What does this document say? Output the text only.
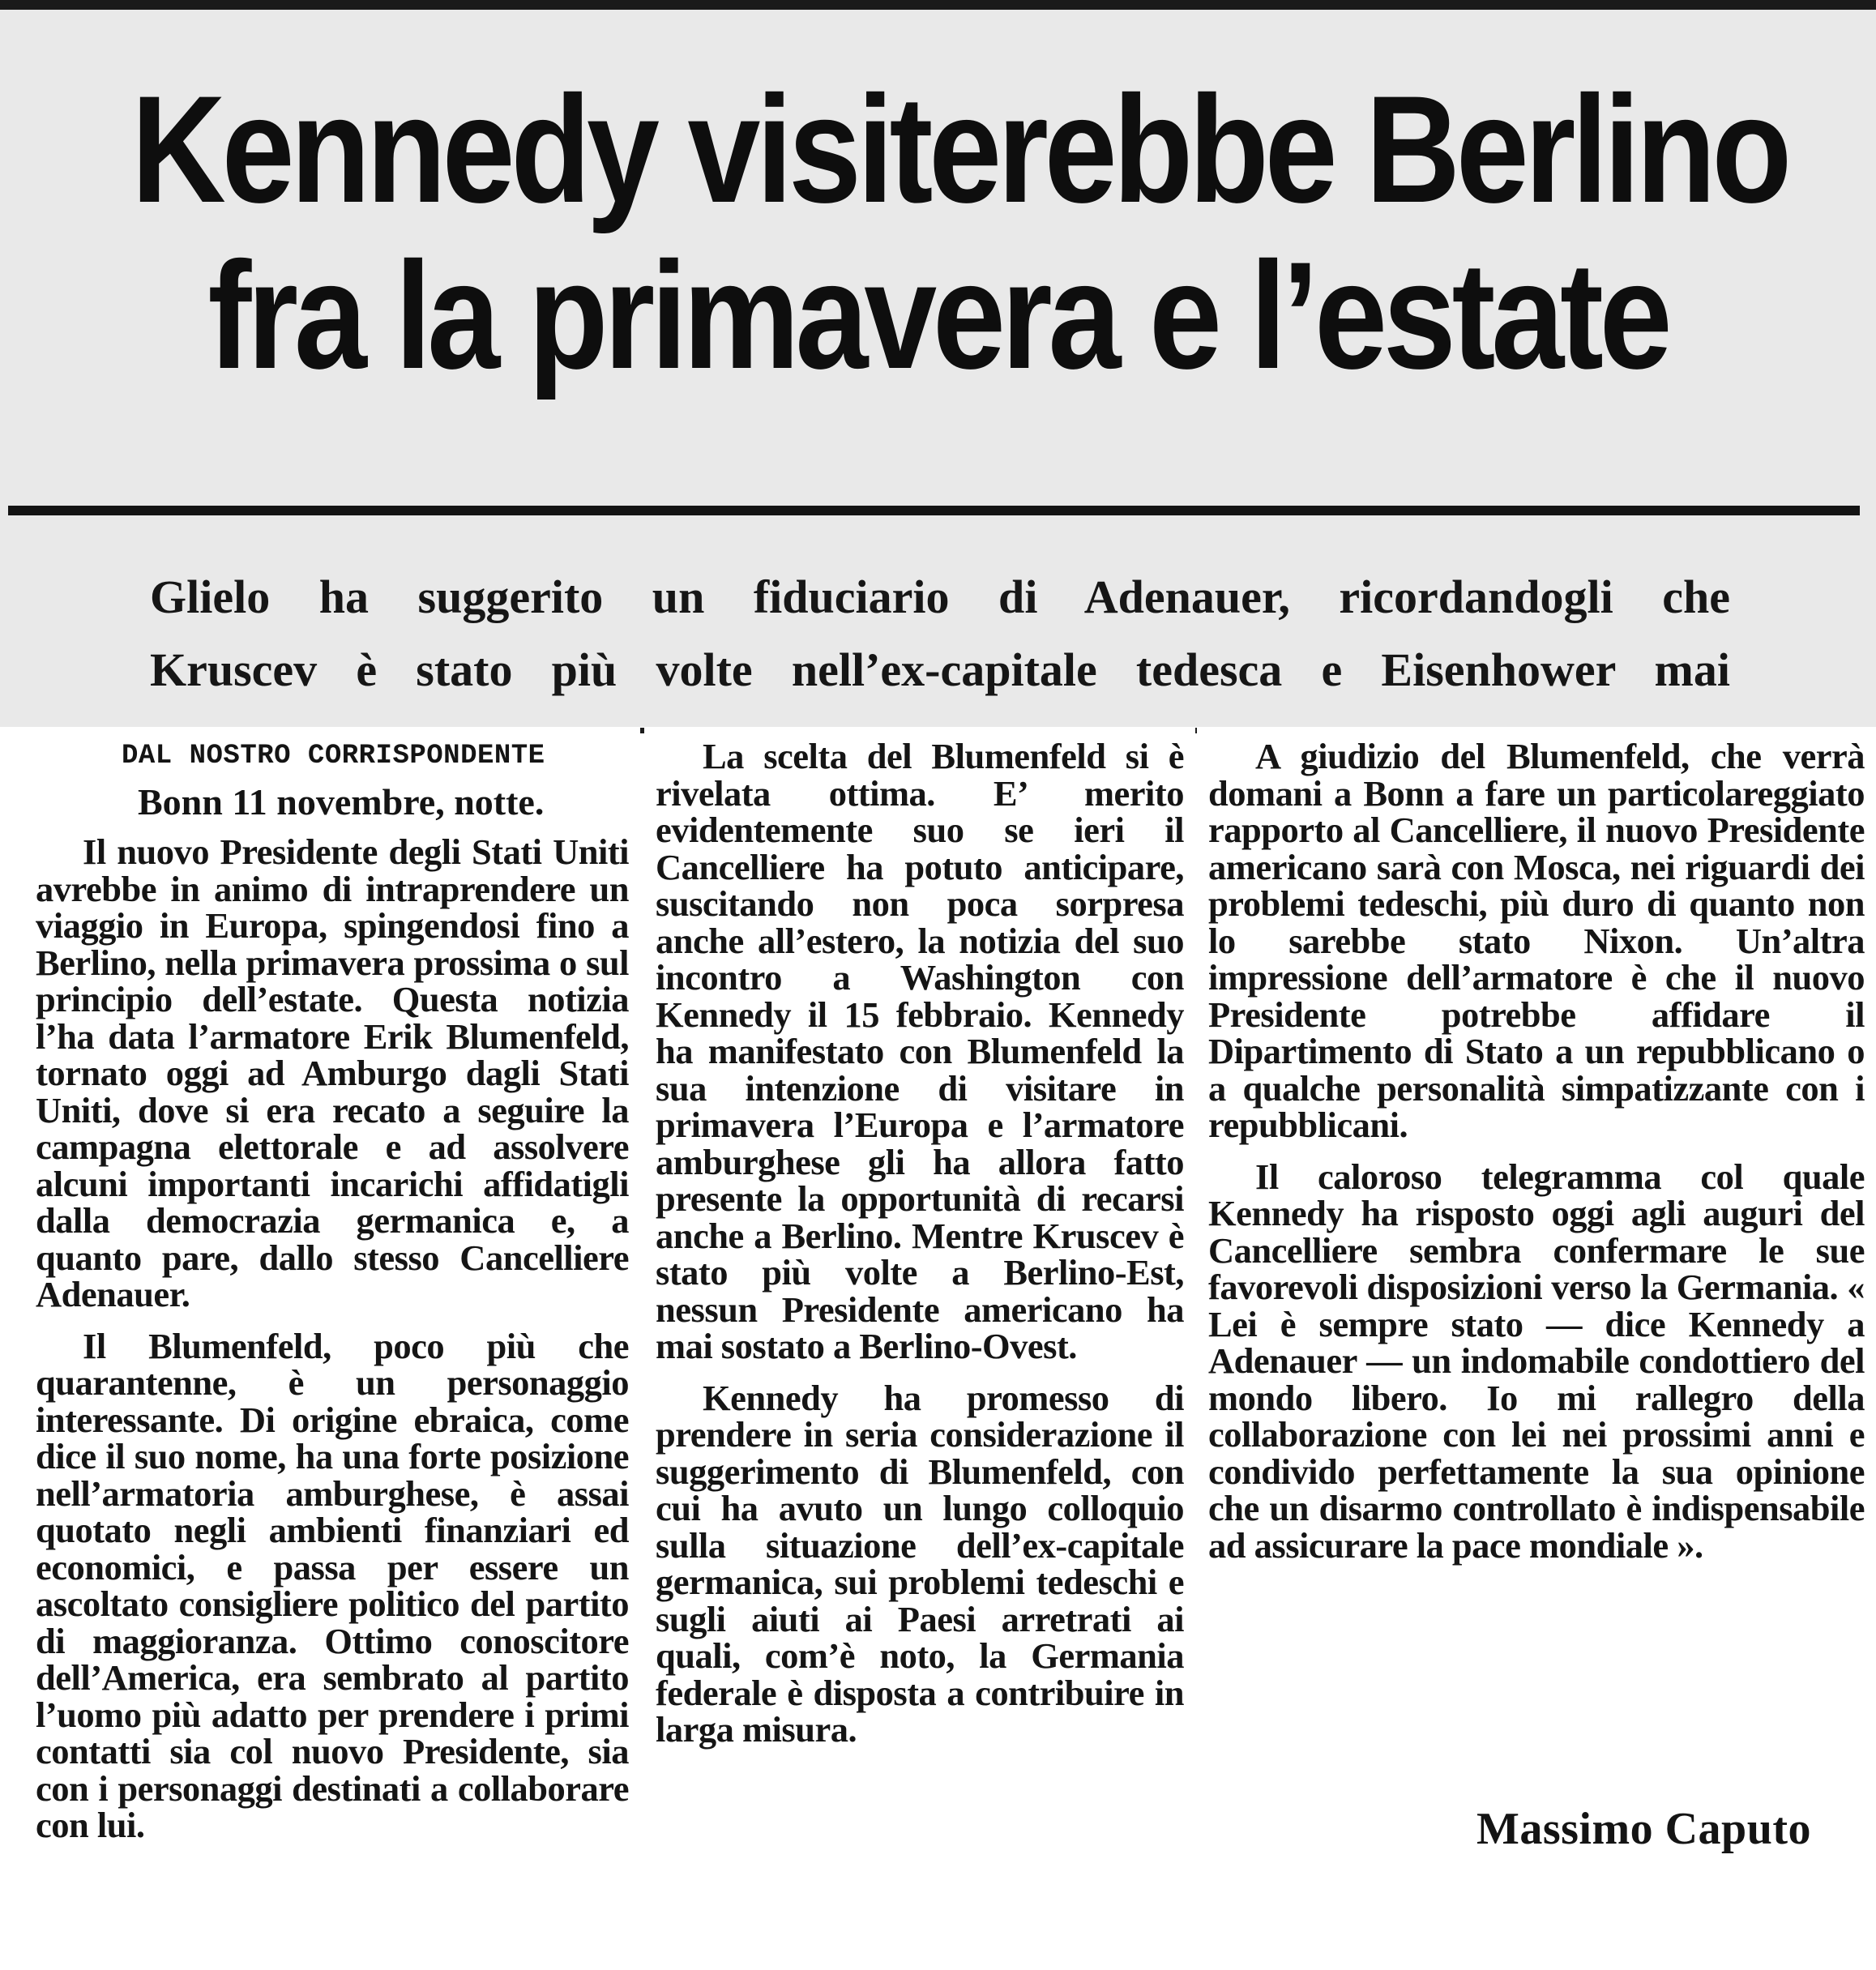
Kennedy visiterebbe Berlino
fra la primavera e l’estate
Glielo ha suggerito un fiduciario di Adenauer, ricordandogli che
Kruscev è stato più volte nell’ex-capitale tedesca e Eisenhower mai
DAL NOSTRO CORRISPONDENTE
Bonn 11 novembre, notte.

Il nuovo Presidente degli Stati Uniti avrebbe in animo di intraprendere un viaggio in Europa, spingendosi fino a Berlino, nella primavera prossima o sul principio dell’estate. Questa notizia l’ha data l’armatore Erik Blumenfeld, tornato oggi ad Amburgo dagli Stati Uniti, dove si era recato a seguire la campagna elettorale e ad assolvere alcuni importanti incarichi affidatigli dalla democrazia germanica e, a quanto pare, dallo stesso Cancelliere Adenauer.

Il Blumenfeld, poco più che quarantenne, è un personaggio interessante. Di origine ebraica, come dice il suo nome, ha una forte posizione nell’armatoria amburghese, è assai quotato negli ambienti finanziari ed economici, e passa per essere un ascoltato consigliere politico del partito di maggioranza. Ottimo conoscitore dell’America, era sembrato al partito l’uomo più adatto per prendere i primi contatti sia col nuovo Presidente, sia con i personaggi destinati a collaborare con lui.

La scelta del Blumenfeld si è rivelata ottima. E’ merito evidentemente suo se ieri il Cancelliere ha potuto anticipare, suscitando non poca sorpresa anche all’estero, la notizia del suo incontro a Washington con Kennedy il 15 febbraio. Kennedy ha manifestato con Blumenfeld la sua intenzione di visitare in primavera l’Europa e l’armatore amburghese gli ha allora fatto presente la opportunità di recarsi anche a Berlino. Mentre Kruscev è stato più volte a Berlino-Est, nessun Presidente americano ha mai sostato a Berlino-Ovest.

Kennedy ha promesso di prendere in seria considerazione il suggerimento di Blumenfeld, con cui ha avuto un lungo colloquio sulla situazione dell’ex-capitale germanica, sui problemi tedeschi e sugli aiuti ai Paesi arretrati ai quali, com’è noto, la Germania federale è disposta a contribuire in larga misura.

A giudizio del Blumenfeld, che verrà domani a Bonn a fare un particolareggiato rapporto al Cancelliere, il nuovo Presidente americano sarà con Mosca, nei riguardi dei problemi tedeschi, più duro di quanto non lo sarebbe stato Nixon. Un’altra impressione dell’armatore è che il nuovo Presidente potrebbe affidare il Dipartimento di Stato a un repubblicano o a qualche personalità simpatizzante con i repubblicani.

Il caloroso telegramma col quale Kennedy ha risposto oggi agli auguri del Cancelliere sembra confermare le sue favorevoli disposizioni verso la Germania. « Lei è sempre stato — dice Kennedy a Adenauer — un indomabile condottiero del mondo libero. Io mi rallegro della collaborazione con lei nei prossimi anni e condivido perfettamente la sua opinione che un disarmo controllato è indispensabile ad assicurare la pace mondiale ».

Massimo Caputo
